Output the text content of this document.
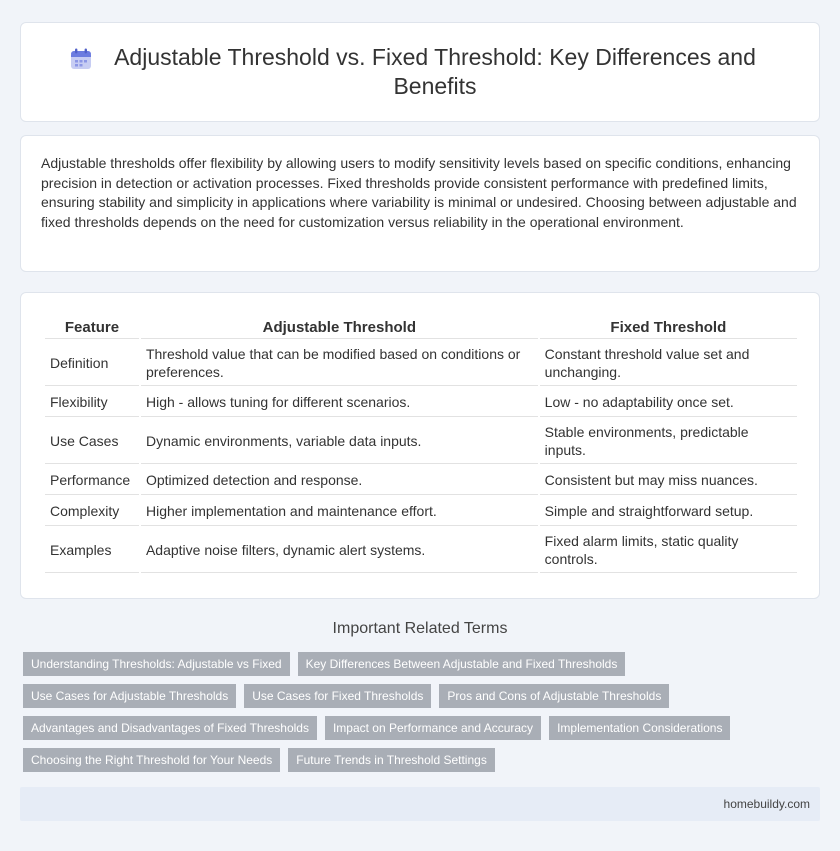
Adjustable Threshold vs. Fixed Threshold: Key Differences and Benefits

Adjustable thresholds offer flexibility by allowing users to modify sensitivity levels based on specific conditions, enhancing precision in detection or activation processes. Fixed thresholds provide consistent performance with predefined limits, ensuring stability and simplicity in applications where variability is minimal or undesired. Choosing between adjustable and fixed thresholds depends on the need for customization versus reliability in the operational environment.

Feature	Adjustable Threshold	Fixed Threshold
Definition	Threshold value that can be modified based on conditions or preferences.	Constant threshold value set and unchanging.
Flexibility	High - allows tuning for different scenarios.	Low - no adaptability once set.
Use Cases	Dynamic environments, variable data inputs.	Stable environments, predictable inputs.
Performance	Optimized detection and response.	Consistent but may miss nuances.
Complexity	Higher implementation and maintenance effort.	Simple and straightforward setup.
Examples	Adaptive noise filters, dynamic alert systems.	Fixed alarm limits, static quality controls.
Important Related Terms
Understanding Thresholds: Adjustable vs Fixed	Key Differences Between Adjustable and Fixed Thresholds
Use Cases for Adjustable Thresholds	Use Cases for Fixed Thresholds	Pros and Cons of Adjustable Thresholds
Advantages and Disadvantages of Fixed Thresholds	Impact on Performance and Accuracy	Implementation Considerations
Choosing the Right Threshold for Your Needs	Future Trends in Threshold Settings
homebuildy.com
